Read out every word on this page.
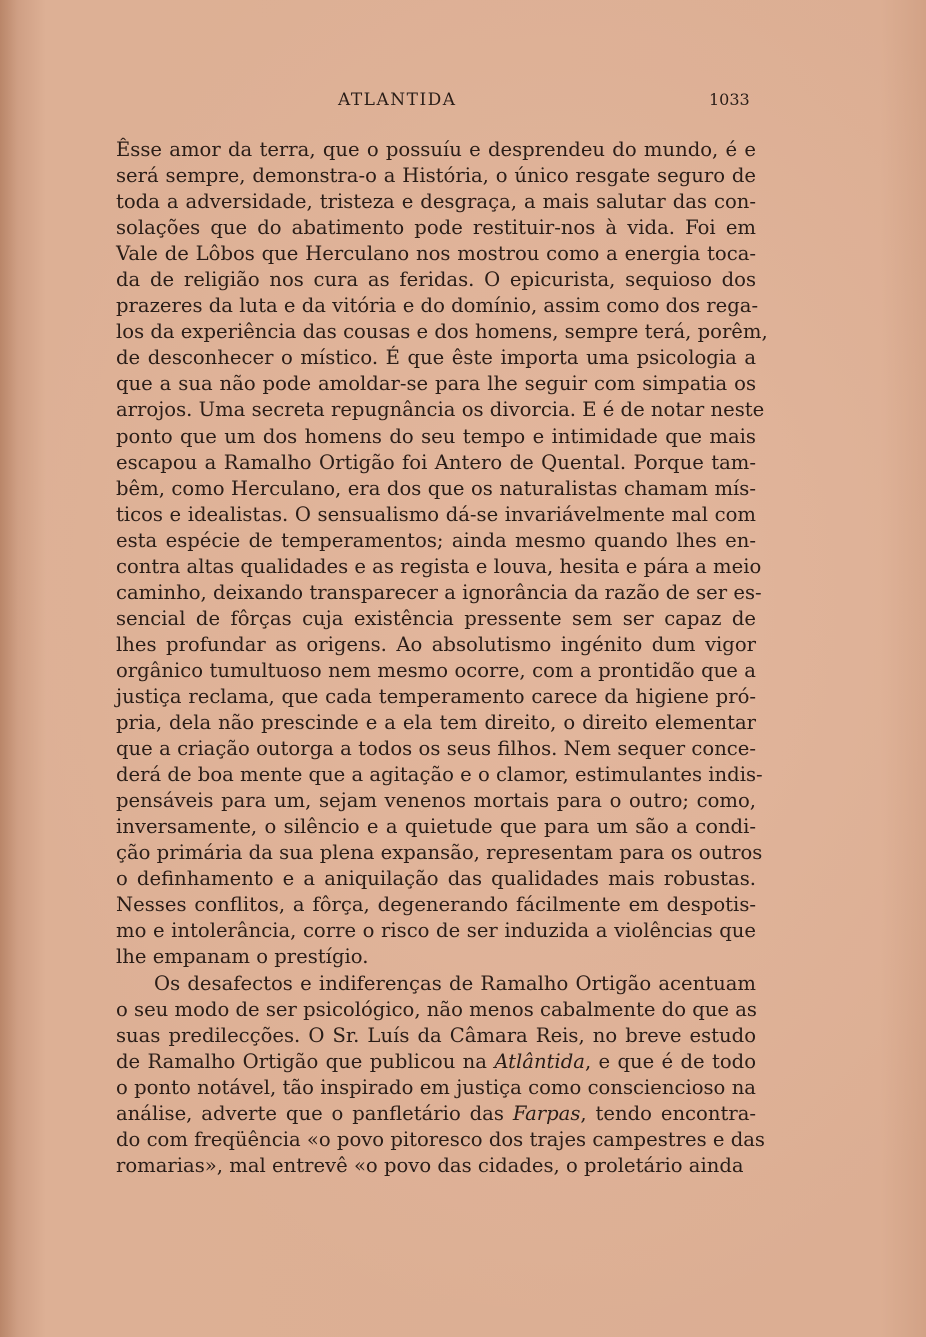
ATLANTIDA	1033
Êsse amor da terra, que o possuíu e desprendeu do mundo, é e
será sempre, demonstra-o a História, o único resgate seguro de
toda a adversidade, tristeza e desgraça, a mais salutar das con-
solações que do abatimento pode restituir-nos à vida. Foi em
Vale de Lôbos que Herculano nos mostrou como a energia toca-
da de religião nos cura as feridas. O epicurista, sequioso dos
prazeres da luta e da vitória e do domínio, assim como dos rega-
los da experiência das cousas e dos homens, sempre terá, porêm,
de desconhecer o místico. É que êste importa uma psicologia a
que a sua não pode amoldar-se para lhe seguir com simpatia os
arrojos. Uma secreta repugnância os divorcia. E é de notar neste
ponto que um dos homens do seu tempo e intimidade que mais
escapou a Ramalho Ortigão foi Antero de Quental. Porque tam-
bêm, como Herculano, era dos que os naturalistas chamam mís-
ticos e idealistas. O sensualismo dá-se invariávelmente mal com
esta espécie de temperamentos; ainda mesmo quando lhes en-
contra altas qualidades e as regista e louva, hesita e pára a meio
caminho, deixando transparecer a ignorância da razão de ser es-
sencial de fôrças cuja existência pressente sem ser capaz de
lhes profundar as origens. Ao absolutismo ingénito dum vigor
orgânico tumultuoso nem mesmo ocorre, com a prontidão que a
justiça reclama, que cada temperamento carece da higiene pró-
pria, dela não prescinde e a ela tem direito, o direito elementar
que a criação outorga a todos os seus filhos. Nem sequer conce-
derá de boa mente que a agitação e o clamor, estimulantes indis-
pensáveis para um, sejam venenos mortais para o outro; como,
inversamente, o silêncio e a quietude que para um são a condi-
ção primária da sua plena expansão, representam para os outros
o definhamento e a aniquilação das qualidades mais robustas.
Nesses conflitos, a fôrça, degenerando fácilmente em despotis-
mo e intolerância, corre o risco de ser induzida a violências que
lhe empanam o prestígio.
Os desafectos e indiferenças de Ramalho Ortigão acentuam
o seu modo de ser psicológico, não menos cabalmente do que as
suas predilecções. O Sr. Luís da Câmara Reis, no breve estudo
de Ramalho Ortigão que publicou na Atlântida, e que é de todo
o ponto notável, tão inspirado em justiça como consciencioso na
análise, adverte que o panfletário das Farpas, tendo encontra-
do com freqüência «o povo pitoresco dos trajes campestres e das
romarias», mal entrevê «o povo das cidades, o proletário ainda
